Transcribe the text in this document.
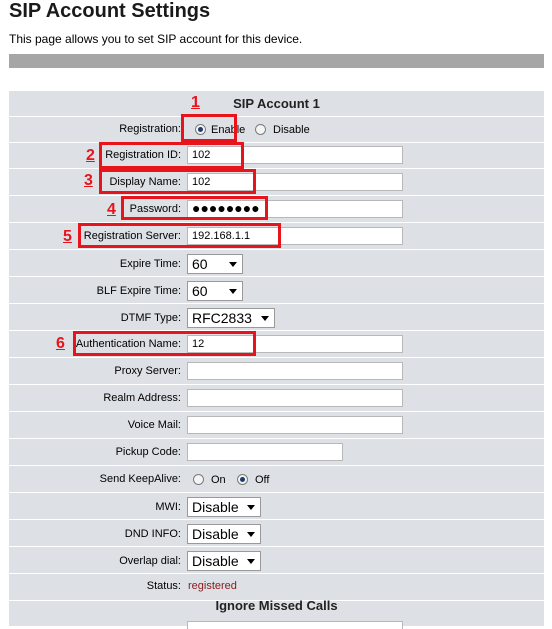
SIP Account Settings
This page allows you to set SIP account for this device.
SIP Account 1
Registration:	Enable	Disable
Registration ID:	102
Display Name:	102
Password: ●●●●●●●●
Registration Server:	192.168.1.1
Expire Time: 60
BLF Expire Time: 60
DTMF Type: RFC2833
Authentication Name:	12
Proxy Server:
Realm Address:
Voice Mail:
Pickup Code:
Send KeepAlive:	On	Off
MWI: Disable
DND INFO: Disable
Overlap dial: Disable
Status: registered
Ignore Missed Calls
1
2
3
4
5
6
